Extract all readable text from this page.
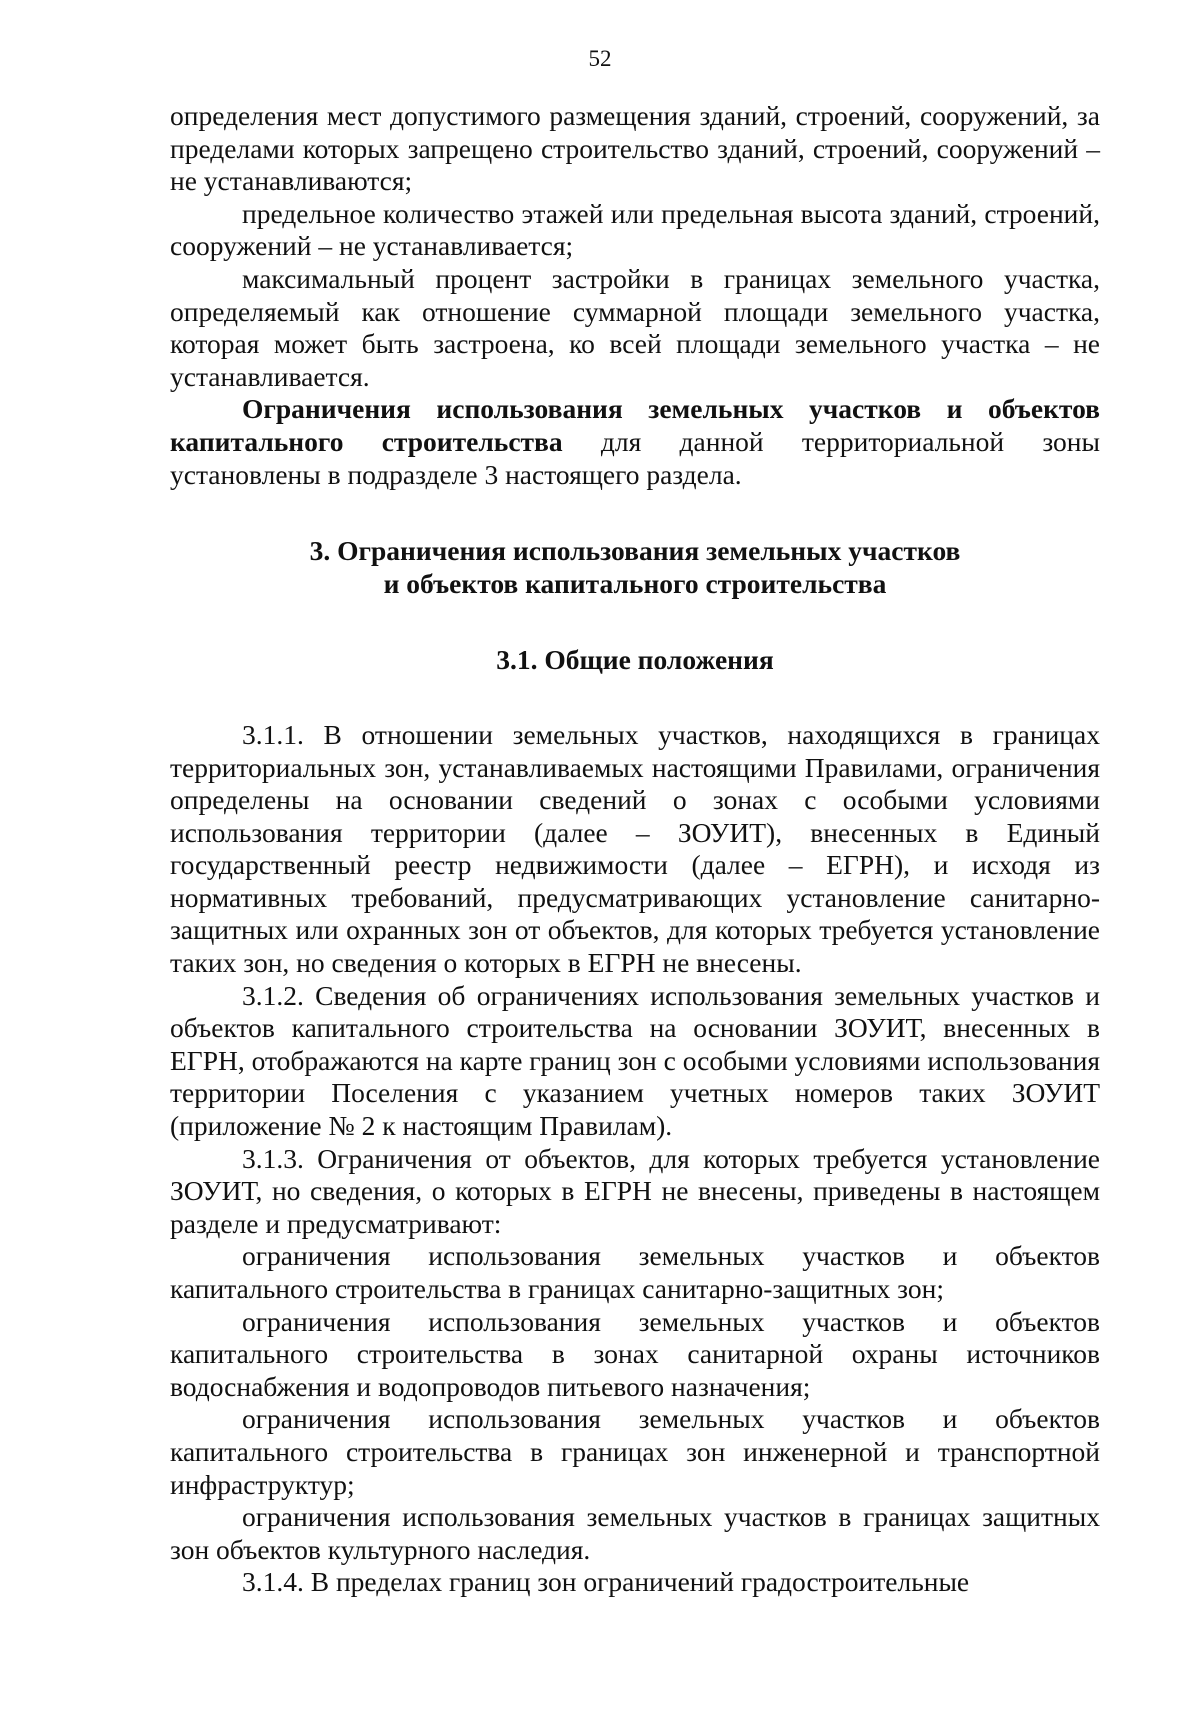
52

определения мест допустимого размещения зданий, строений, сооружений, за пределами которых запрещено строительство зданий, строений, сооружений – не устанавливаются;

предельное количество этажей или предельная высота зданий, строений, сооружений – не устанавливается;

максимальный процент застройки в границах земельного участка, определяемый как отношение суммарной площади земельного участка, которая может быть застроена, ко всей площади земельного участка – не устанавливается.

Ограничения использования земельных участков и объектов капитального строительства для данной территориальной зоны установлены в подразделе 3 настоящего раздела.

3. Ограничения использования земельных участков
и объектов капитального строительства
3.1. Общие положения

3.1.1. В отношении земельных участков, находящихся в границах территориальных зон, устанавливаемых настоящими Правилами, ограничения определены на основании сведений о зонах с особыми условиями использования территории (далее – ЗОУИТ), внесенных в Единый государственный реестр недвижимости (далее – ЕГРН), и исходя из нормативных требований, предусматривающих установление санитарно-защитных или охранных зон от объектов, для которых требуется установление таких зон, но сведения о которых в ЕГРН не внесены.

3.1.2. Сведения об ограничениях использования земельных участков и объектов капитального строительства на основании ЗОУИТ, внесенных в ЕГРН, отображаются на карте границ зон с особыми условиями использования территории Поселения с указанием учетных номеров таких ЗОУИТ (приложение № 2 к настоящим Правилам).

3.1.3. Ограничения от объектов, для которых требуется установление ЗОУИТ, но сведения, о которых в ЕГРН не внесены, приведены в настоящем разделе и предусматривают:

ограничения использования земельных участков и объектов капитального строительства в границах санитарно-защитных зон;

ограничения использования земельных участков и объектов капитального строительства в зонах санитарной охраны источников водоснабжения и водопроводов питьевого назначения;

ограничения использования земельных участков и объектов капитального строительства в границах зон инженерной и транспортной инфраструктур;

ограничения использования земельных участков в границах защитных зон объектов культурного наследия.

3.1.4. В пределах границ зон ограничений градостроительные
